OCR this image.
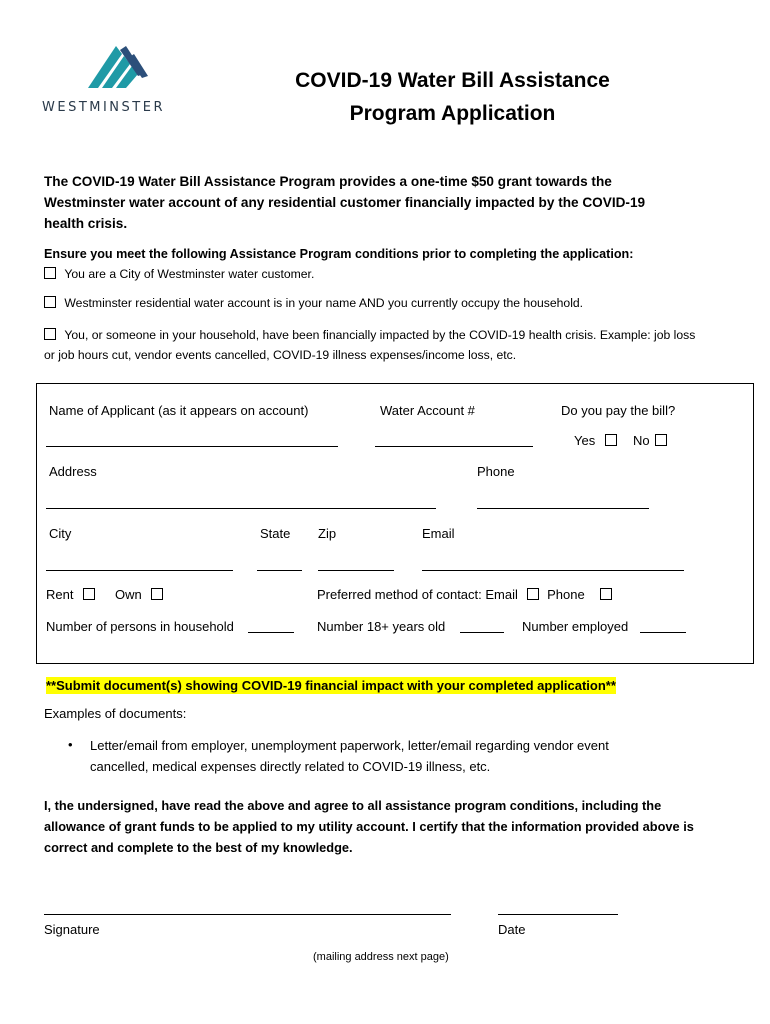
WESTMINSTER
COVID-19 Water Bill Assistance
Program Application
The COVID-19 Water Bill Assistance Program provides a one-time $50 grant towards the
Westminster water account of any residential customer financially impacted by the COVID-19
health crisis.
Ensure you meet the following Assistance Program conditions prior to completing the application:
You are a City of Westminster water customer.
Westminster residential water account is in your name AND you currently occupy the household.
You, or someone in your household, have been financially impacted by the COVID-19 health crisis. Example: job loss
or job hours cut, vendor events cancelled, COVID-19 illness expenses/income loss, etc.
Name of Applicant (as it appears on account)	Water Account #	Do you pay the bill?
Yes	No
Address	Phone
City	State Zip	Email
Rent	Own	Preferred method of contact: Email Phone
Number of persons in household	Number 18+ years old	Number employed
**Submit document(s) showing COVID-19 financial impact with your completed application**
Examples of documents:
• Letter/email from employer, unemployment paperwork, letter/email regarding vendor event
cancelled, medical expenses directly related to COVID-19 illness, etc.
I, the undersigned, have read the above and agree to all assistance program conditions, including the
allowance of grant funds to be applied to my utility account. I certify that the information provided above is
correct and complete to the best of my knowledge.
Signature	Date
(mailing address next page)
